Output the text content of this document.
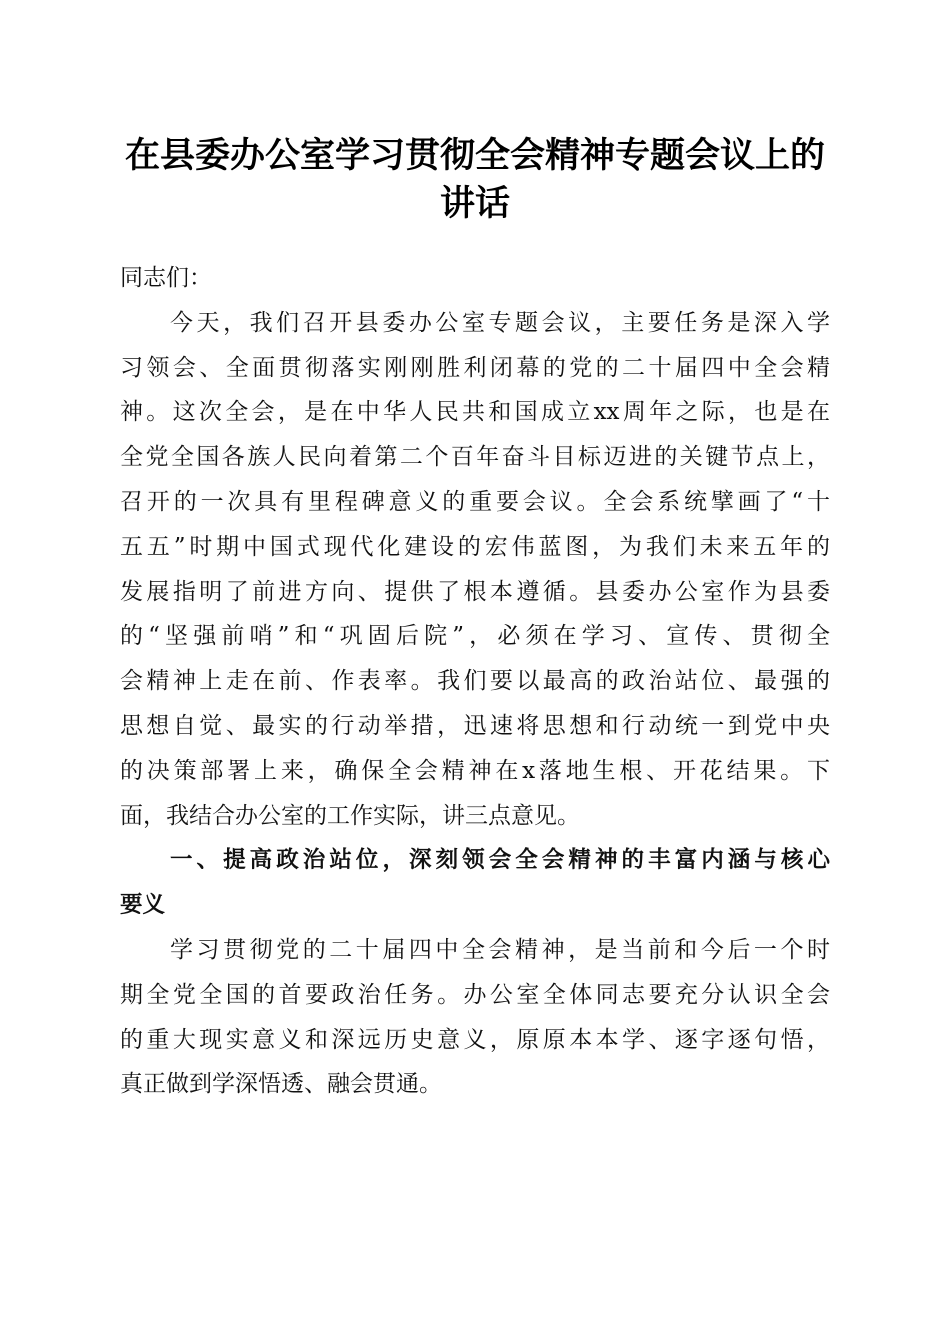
在县委办公室学习贯彻全会精神专题会议上的
讲话

同志们：

今天，我们召开县委办公室专题会议，主要任务是深入学
习领会、全面贯彻落实刚刚胜利闭幕的党的二十届四中全会精
神。这次全会，是在中华人民共和国成立xx周年之际，也是在
全党全国各族人民向着第二个百年奋斗目标迈进的关键节点上，
召开的一次具有里程碑意义的重要会议。全会系统擘画了“十
五五”时期中国式现代化建设的宏伟蓝图，为我们未来五年的
发展指明了前进方向、提供了根本遵循。县委办公室作为县委
的“坚强前哨”和“巩固后院”，必须在学习、宣传、贯彻全
会精神上走在前、作表率。我们要以最高的政治站位、最强的
思想自觉、最实的行动举措，迅速将思想和行动统一到党中央
的决策部署上来，确保全会精神在x落地生根、开花结果。下
面，我结合办公室的工作实际，讲三点意见。

一、提高政治站位，深刻领会全会精神的丰富内涵与核心
要义

学习贯彻党的二十届四中全会精神，是当前和今后一个时
期全党全国的首要政治任务。办公室全体同志要充分认识全会
的重大现实意义和深远历史意义，原原本本学、逐字逐句悟，
真正做到学深悟透、融会贯通。
